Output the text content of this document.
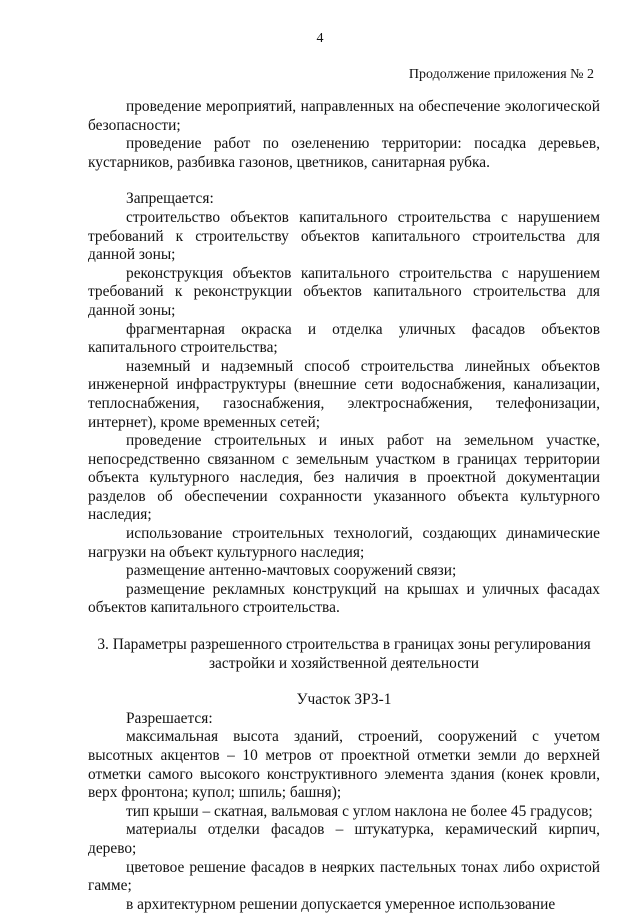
4
Продолжение приложения № 2

проведение мероприятий, направленных на обеспечение экологической безопасности;

проведение работ по озеленению территории: посадка деревьев, кустарников, разбивка газонов, цветников, санитарная рубка.

Запрещается:

строительство объектов капитального строительства с нарушением требований к строительству объектов капитального строительства для данной зоны;

реконструкция объектов капитального строительства с нарушением требований к реконструкции объектов капитального строительства для данной зоны;

фрагментарная окраска и отделка уличных фасадов объектов капитального строительства;

наземный и надземный способ строительства линейных объектов инженерной инфраструктуры (внешние сети водоснабжения, канализации, теплоснабжения, газоснабжения, электроснабжения, телефонизации, интернет), кроме временных сетей;

проведение строительных и иных работ на земельном участке, непосредственно связанном с земельным участком в границах территории объекта культурного наследия, без наличия в проектной документации разделов об обеспечении сохранности указанного объекта культурного наследия;

использование строительных технологий, создающих динамические нагрузки на объект культурного наследия;

размещение антенно-мачтовых сооружений связи;

размещение рекламных конструкций на крышах и уличных фасадах объектов капитального строительства.

3. Параметры разрешенного строительства в границах зоны регулирования застройки и хозяйственной деятельности

Участок ЗРЗ-1

Разрешается:

максимальная высота зданий, строений, сооружений с учетом высотных акцентов – 10 метров от проектной отметки земли до верхней отметки самого высокого конструктивного элемента здания (конек кровли, верх фронтона; купол; шпиль; башня);

тип крыши – скатная, вальмовая с углом наклона не более 45 градусов;

материалы отделки фасадов – штукатурка, керамический кирпич, дерево;

цветовое решение фасадов в неярких пастельных тонах либо охристой гамме;

в архитектурном решении допускается умеренное использование
